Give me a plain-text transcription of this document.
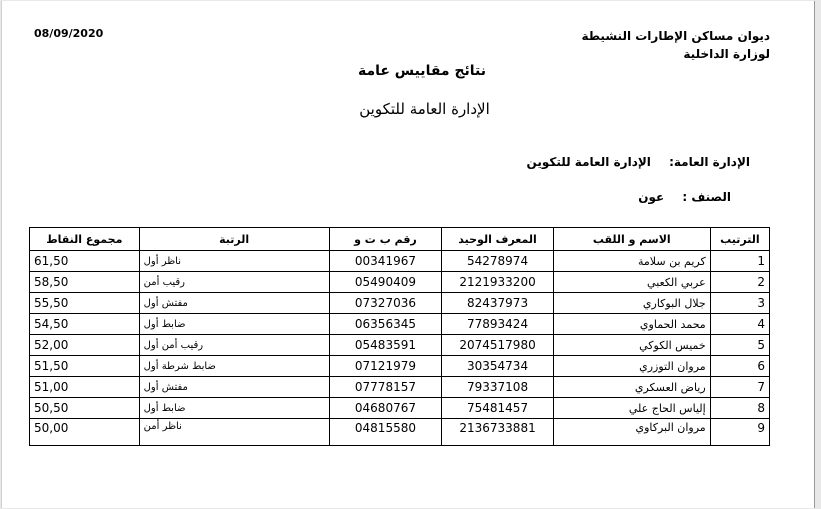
08/09/2020	ديوان مساكن الإطارات النشيطة
لوزارة الداخلية
نتائج مقاييس عامة
الإدارة العامة للتكوين
الإدارة العامة: الإدارة العامة للتكوين
الصنف : عون
الترتيب	الاسم و اللقب	المعرف الوحيد	رقم ب ت و	الرتبة	مجموع النقاط
1	كريم بن سلامة	54278974	00341967	ناظر أول	61,50
2	عربي الكعبي	2121933200	05490409	رقيب أمن	58,50
3	جلال البوكاري	82437973	07327036	مفتش أول	55,50
4	محمد الحماوي	77893424	06356345	ضابط أول	54,50
5	خميس الكوكي	2074517980	05483591	رقيب أمن أول	52,00
6	مروان التوزري	30354734	07121979	ضابط شرطة أول	51,50
7	رياض العسكري	79337108	07778157	مفتش أول	51,00
8	إلياس الحاج علي	75481457	04680767	ضابط أول	50,50
9	مروان البركاوي	2136733881	04815580	ناظر أمن	50,00
